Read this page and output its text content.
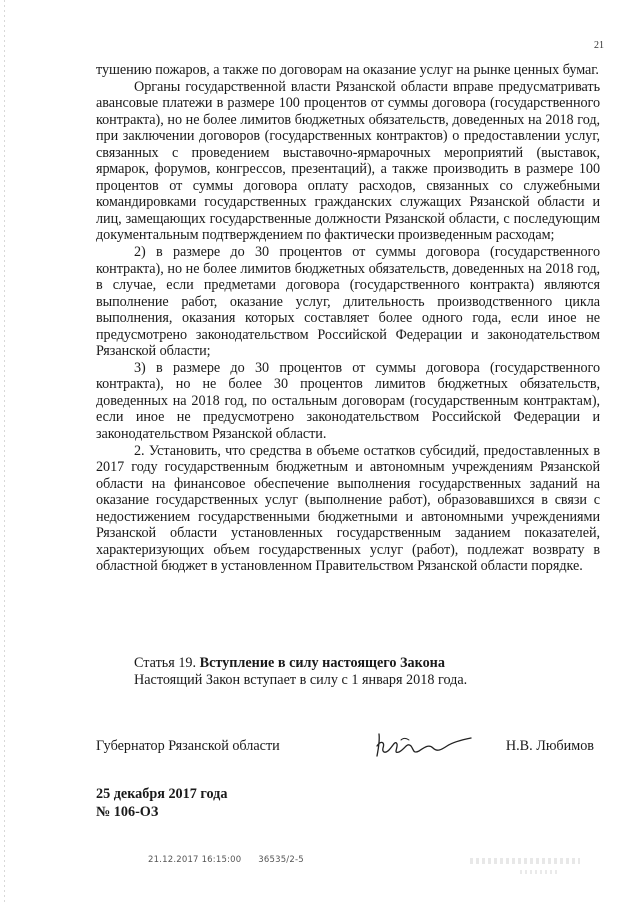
21

тушению пожаров, а также по договорам на оказание услуг на рынке ценных бумаг.

Органы государственной власти Рязанской области вправе предусматривать авансовые платежи в размере 100 процентов от суммы договора (государственного контракта), но не более лимитов бюджетных обязательств, доведенных на 2018 год, при заключении договоров (государственных контрактов) о предоставлении услуг, связанных с проведением выставочно-ярмарочных мероприятий (выставок, ярмарок, форумов, конгрессов, презентаций), а также производить в размере 100 процентов от суммы договора оплату расходов, связанных со служебными командировками государственных гражданских служащих Рязанской области и лиц, замещающих государственные должности Рязанской области, с последующим документальным подтверждением по фактически произведенным расходам;

2) в размере до 30 процентов от суммы договора (государственного контракта), но не более лимитов бюджетных обязательств, доведенных на 2018 год, в случае, если предметами договора (государственного контракта) являются выполнение работ, оказание услуг, длительность производственного цикла выполнения, оказания которых составляет более одного года, если иное не предусмотрено законодательством Российской Федерации и законодательством Рязанской области;

3) в размере до 30 процентов от суммы договора (государственного контракта), но не более 30 процентов лимитов бюджетных обязательств, доведенных на 2018 год, по остальным договорам (государственным контрактам), если иное не предусмотрено законодательством Российской Федерации и законодательством Рязанской области.

2. Установить, что средства в объеме остатков субсидий, предоставленных в 2017 году государственным бюджетным и автономным учреждениям Рязанской области на финансовое обеспечение выполнения государственных заданий на оказание государственных услуг (выполнение работ), образовавшихся в связи с недостижением государственными бюджетными и автономными учреждениями Рязанской области установленных государственным заданием показателей, характеризующих объем государственных услуг (работ), подлежат возврату в областной бюджет в установленном Правительством Рязанской области порядке.

Статья 19. Вступление в силу настоящего Закона
Настоящий Закон вступает в силу с 1 января 2018 года.
Губернатор Рязанской области	Н.В. Любимов
25 декабря 2017 года
№ 106-ОЗ
21.12.2017 16:15:00 36535/2-5
